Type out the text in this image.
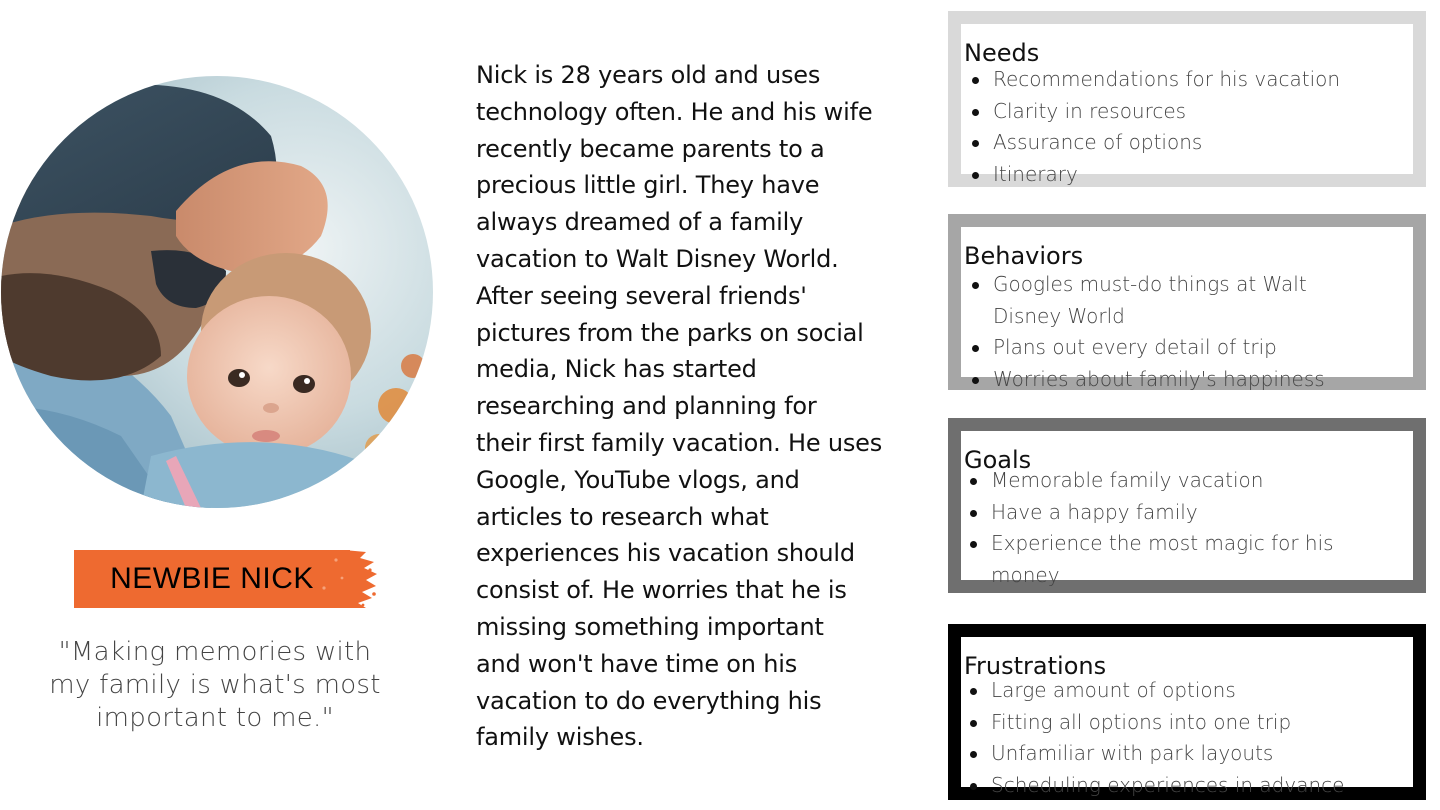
NEWBIE NICK
"Making memories with
my family is what's most
important to me."
Nick is 28 years old and uses
technology often. He and his wife
recently became parents to a
precious little girl. They have
always dreamed of a family
vacation to Walt Disney World.
After seeing several friends'
pictures from the parks on social
media, Nick has started
researching and planning for
their first family vacation. He uses
Google, YouTube vlogs, and
articles to research what
experiences his vacation should
consist of. He worries that he is
missing something important
and won't have time on his
vacation to do everything his
family wishes.
Needs
Recommendations for his vacation
Clarity in resources
Assurance of options
Itinerary
Behaviors
Googles must-do things at Walt
Disney World
Plans out every detail of trip
Worries about family's happiness
Goals
Memorable family vacation
Have a happy family
Experience the most magic for his
money
Frustrations
Large amount of options
Fitting all options into one trip
Unfamiliar with park layouts
Scheduling experiences in advance
